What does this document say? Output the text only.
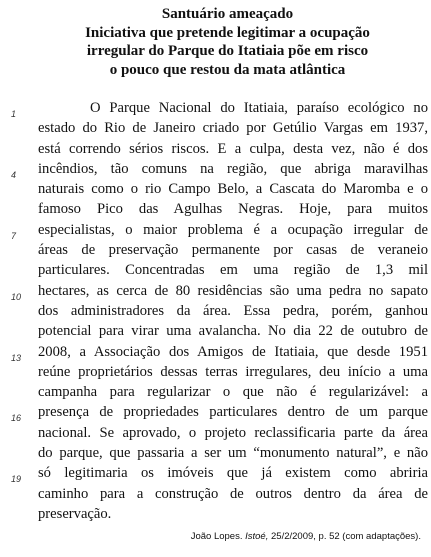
Santuário ameaçado
Iniciativa que pretende legitimar a ocupação
irregular do Parque do Itatiaia põe em risco
o pouco que restou da mata atlântica
1	O Parque Nacional do Itatiaia, paraíso ecológico no
estado do Rio de Janeiro criado por Getúlio Vargas em 1937,
está correndo sérios riscos. E a culpa, desta vez, não é dos
4 incêndios, tão comuns na região, que abriga maravilhas
naturais como o rio Campo Belo, a Cascata do Maromba e o
famoso Pico das Agulhas Negras. Hoje, para muitos
7 especialistas, o maior problema é a ocupação irregular de
áreas de preservação permanente por casas de veraneio
particulares. Concentradas em uma região de 1,3 mil
10 hectares, as cerca de 80 residências são uma pedra no sapato
dos administradores da área. Essa pedra, porém, ganhou
potencial para virar uma avalancha. No dia 22 de outubro de
13 2008, a Associação dos Amigos de Itatiaia, que desde 1951
reúne proprietários dessas terras irregulares, deu início a uma
campanha para regularizar o que não é regularizável: a
16 presença de propriedades particulares dentro de um parque
nacional. Se aprovado, o projeto reclassificaria parte da área
do parque, que passaria a ser um “monumento natural”, e não
19 só legitimaria os imóveis que já existem como abriria
caminho para a construção de outros dentro da área de
preservação.
João Lopes. Istoé, 25/2/2009, p. 52 (com adaptações).
